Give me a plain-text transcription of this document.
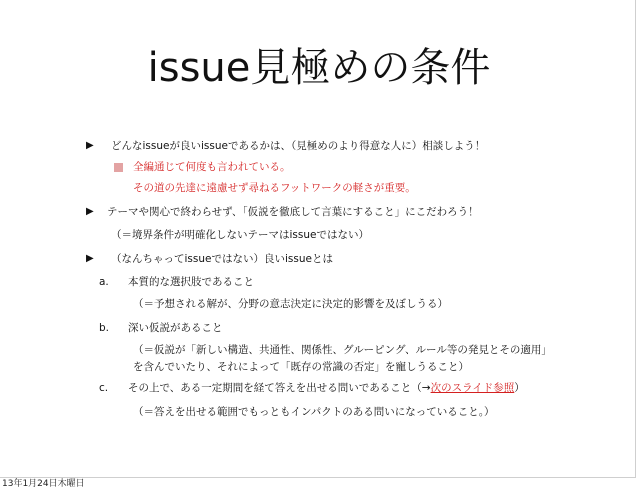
issue見極めの条件
▶ どんなissueが良いissueであるかは、（見極めのより得意な人に）相談しよう！
全編通じて何度も言われている。
その道の先達に遠慮せず尋ねるフットワークの軽さが重要。
▶ テーマや関心で終わらせず、「仮説を徹底して言葉にすること」にこだわろう！
（＝境界条件が明確化しないテーマはissueではない）
▶ （なんちゃってissueではない）良いissueとは
a. 本質的な選択肢であること
（＝予想される解が、分野の意志決定に決定的影響を及ぼしうる）
b. 深い仮説があること
（＝仮説が「新しい構造、共通性、関係性、グルーピング、ルール等の発見とその適用」
を含んでいたり、それによって「既存の常識の否定」を寵しうること）
c. その上で、ある一定期間を経て答えを出せる問いであること（→次のスライド参照）
（＝答えを出せる範囲でもっともインパクトのある問いになっていること。）
13年1月24日木曜日
